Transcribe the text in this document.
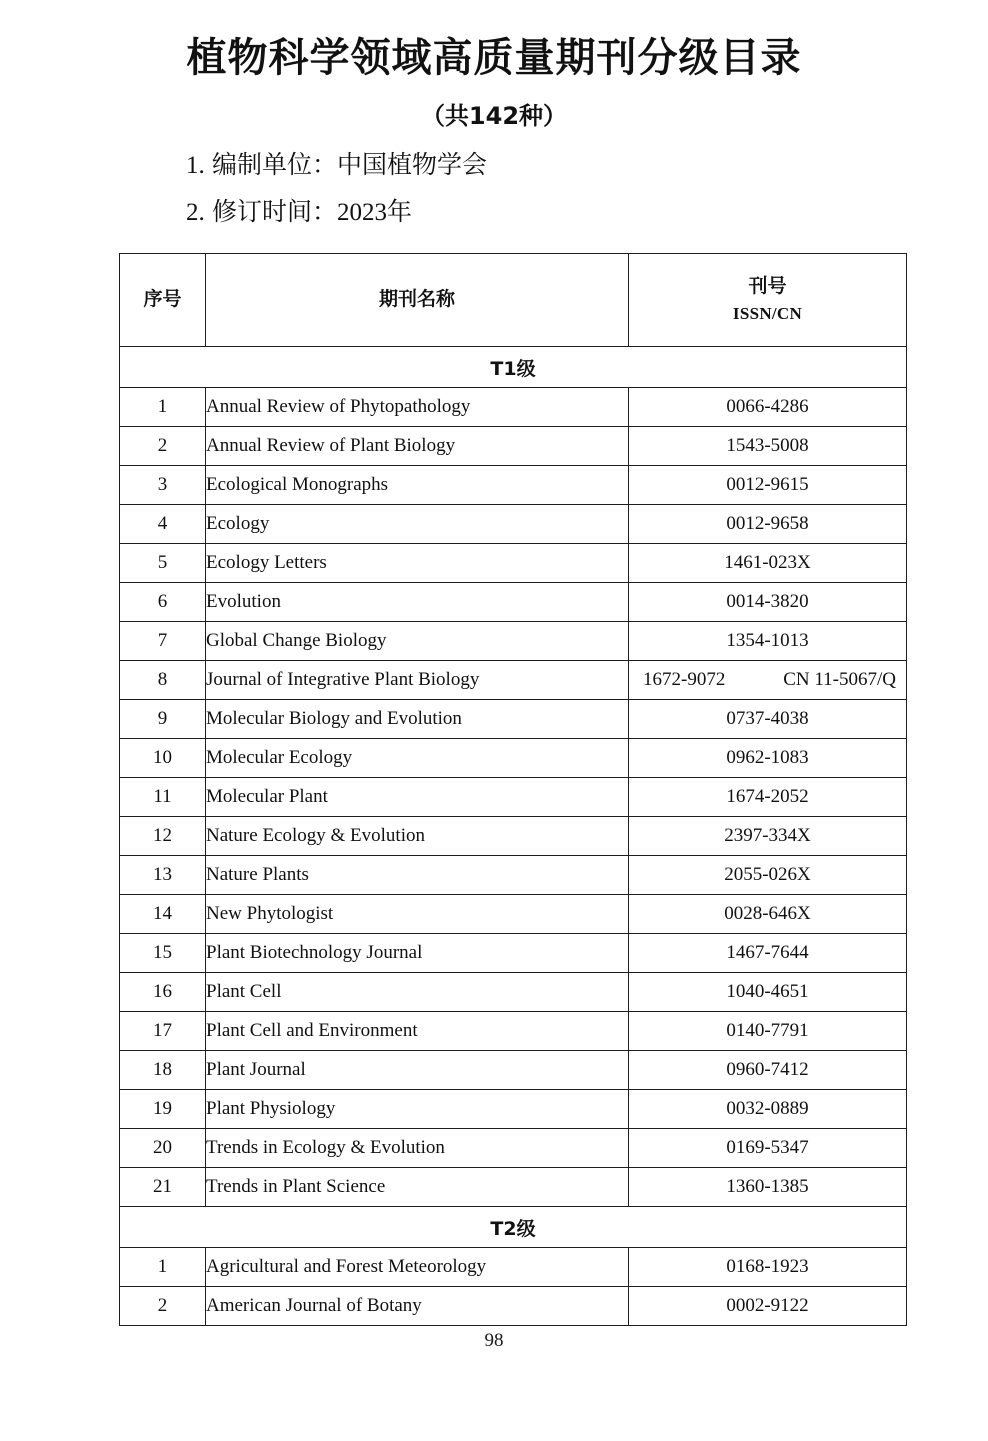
植物科学领域高质量期刊分级目录
（共142种）
1. 编制单位：中国植物学会
2. 修订时间：2023年
序号	期刊名称	刊号
ISSN/CN

T1级		
1	Annual Review of Phytopathology	0066-4286
2	Annual Review of Plant Biology	1543-5008
3	Ecological Monographs	0012-9615
4	Ecology	0012-9658
5	Ecology Letters	1461-023X
6	Evolution	0014-3820
7	Global Change Biology	1354-1013
8	Journal of Integrative Plant Biology	1672-9072 CN 11-5067/Q

9	Molecular Biology and Evolution	0737-4038
10	Molecular Ecology	0962-1083
11	Molecular Plant	1674-2052
12	Nature Ecology & Evolution	2397-334X
13	Nature Plants	2055-026X
14	New Phytologist	0028-646X
15	Plant Biotechnology Journal	1467-7644
16	Plant Cell	1040-4651
17	Plant Cell and Environment	0140-7791
18	Plant Journal	0960-7412
19	Plant Physiology	0032-0889
20	Trends in Ecology & Evolution	0169-5347
21	Trends in Plant Science	1360-1385
T2级		
1	Agricultural and Forest Meteorology	0168-1923
2	American Journal of Botany	0002-9122
98
